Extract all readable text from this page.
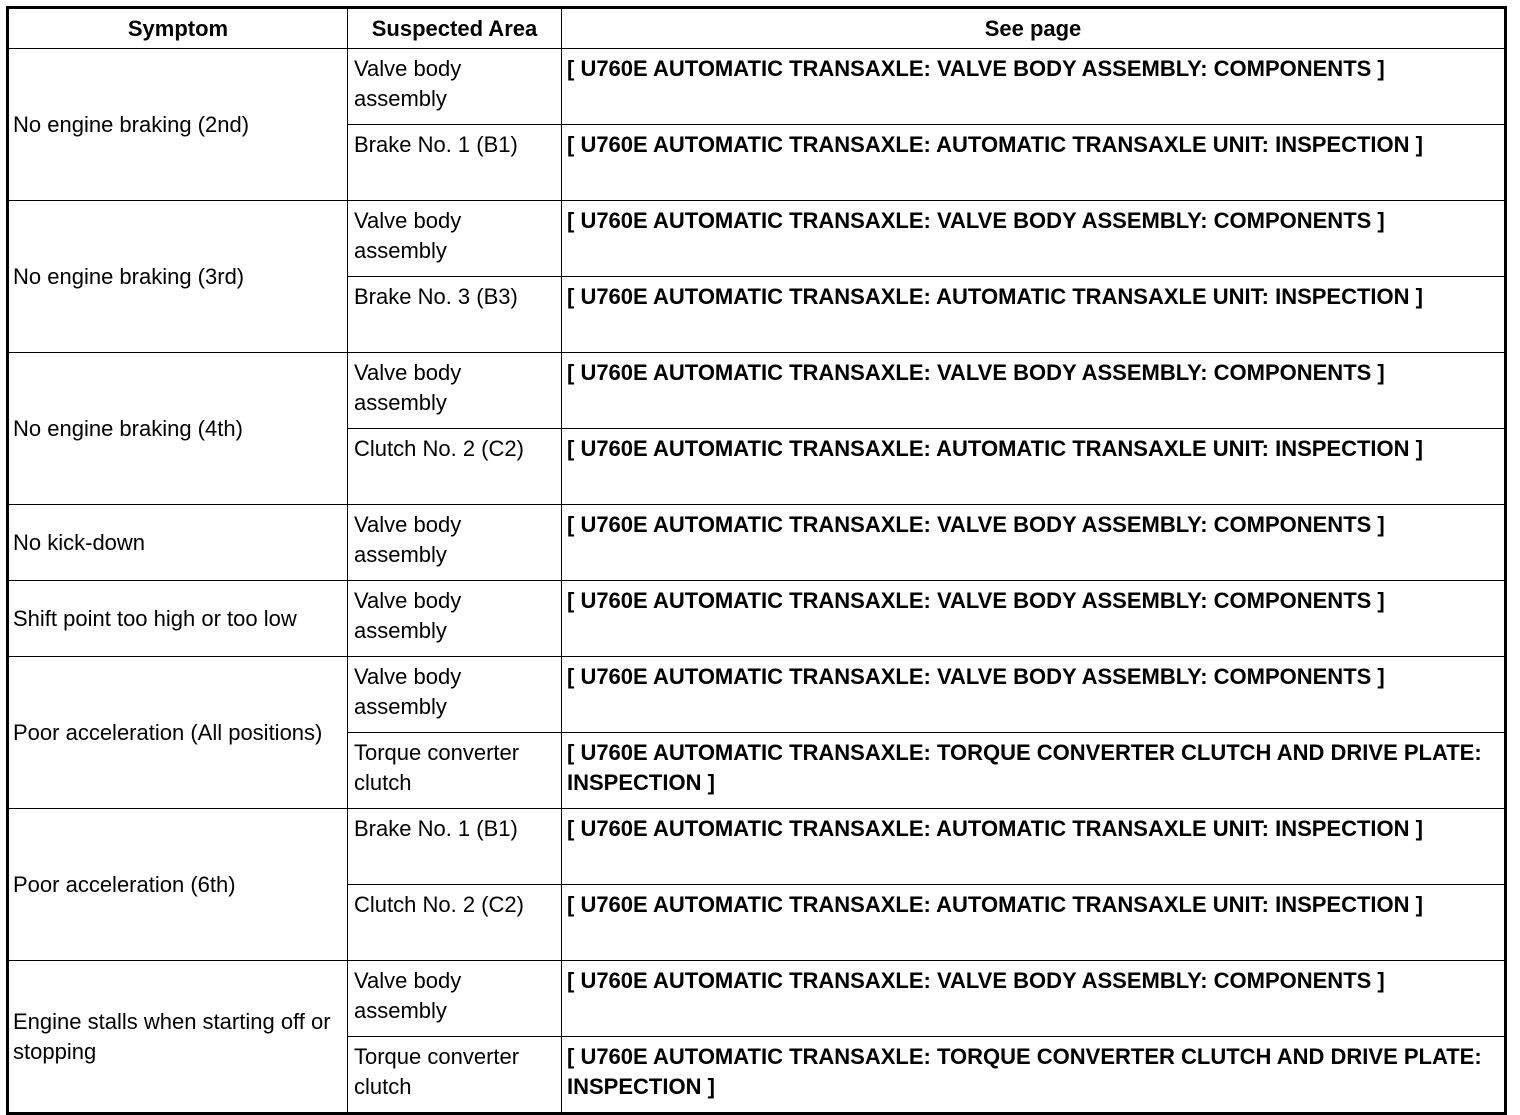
Symptom	Suspected Area	See page
No engine braking (2nd)	Valve body assembly	[ U760E AUTOMATIC TRANSAXLE: VALVE BODY ASSEMBLY: COMPONENTS ]
	Brake No. 1 (B1)	[ U760E AUTOMATIC TRANSAXLE: AUTOMATIC TRANSAXLE UNIT: INSPECTION ]
No engine braking (3rd)	Valve body assembly	[ U760E AUTOMATIC TRANSAXLE: VALVE BODY ASSEMBLY: COMPONENTS ]
	Brake No. 3 (B3)	[ U760E AUTOMATIC TRANSAXLE: AUTOMATIC TRANSAXLE UNIT: INSPECTION ]
No engine braking (4th)	Valve body assembly	[ U760E AUTOMATIC TRANSAXLE: VALVE BODY ASSEMBLY: COMPONENTS ]
	Clutch No. 2 (C2)	[ U760E AUTOMATIC TRANSAXLE: AUTOMATIC TRANSAXLE UNIT: INSPECTION ]
No kick-down	Valve body assembly	[ U760E AUTOMATIC TRANSAXLE: VALVE BODY ASSEMBLY: COMPONENTS ]
Shift point too high or too low	Valve body assembly	[ U760E AUTOMATIC TRANSAXLE: VALVE BODY ASSEMBLY: COMPONENTS ]
Poor acceleration (All positions)	Valve body assembly	[ U760E AUTOMATIC TRANSAXLE: VALVE BODY ASSEMBLY: COMPONENTS ]
	Torque converter clutch	[ U760E AUTOMATIC TRANSAXLE: TORQUE CONVERTER CLUTCH AND DRIVE PLATE: INSPECTION ]
Poor acceleration (6th)	Brake No. 1 (B1)	[ U760E AUTOMATIC TRANSAXLE: AUTOMATIC TRANSAXLE UNIT: INSPECTION ]
	Clutch No. 2 (C2)	[ U760E AUTOMATIC TRANSAXLE: AUTOMATIC TRANSAXLE UNIT: INSPECTION ]
Engine stalls when starting off or stopping	Valve body assembly	[ U760E AUTOMATIC TRANSAXLE: VALVE BODY ASSEMBLY: COMPONENTS ]
	Torque converter clutch	[ U760E AUTOMATIC TRANSAXLE: TORQUE CONVERTER CLUTCH AND DRIVE PLATE: INSPECTION ]
